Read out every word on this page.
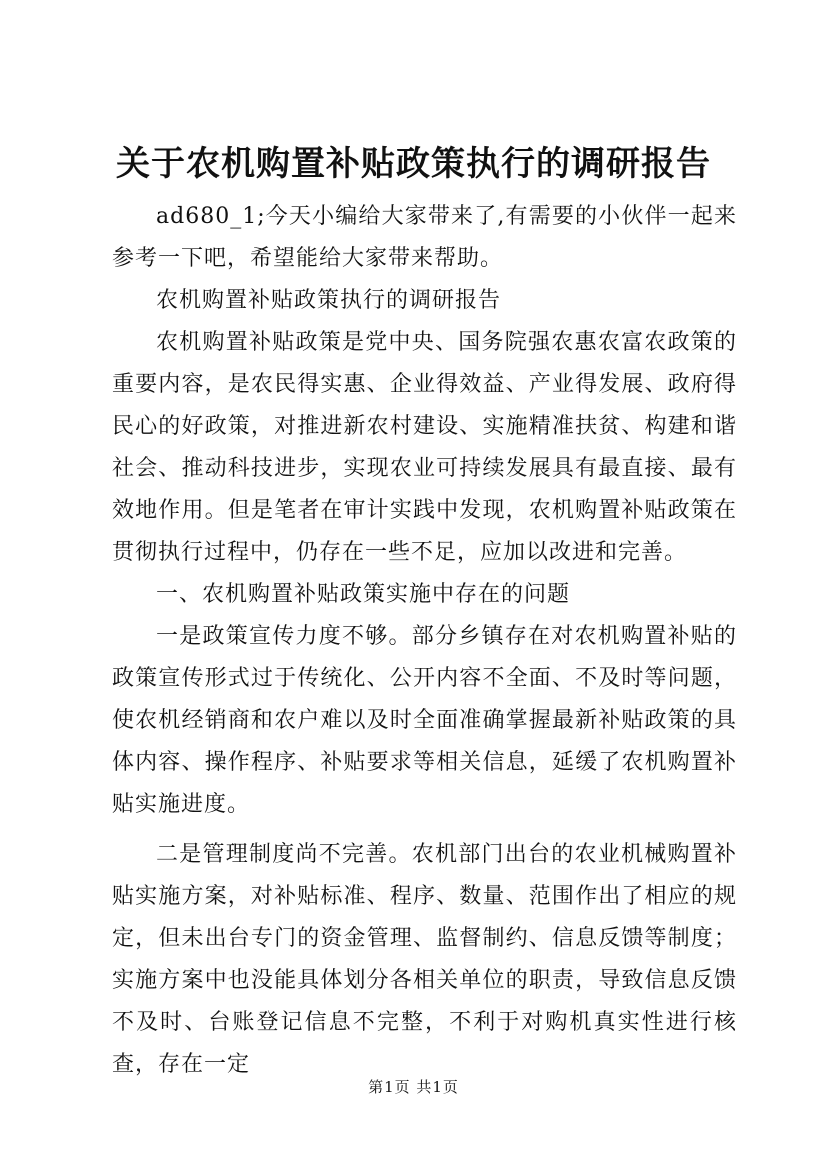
关于农机购置补贴政策执行的调研报告

ad680_1;今天小编给大家带来了,有需要的小伙伴一起来参考一下吧，希望能给大家带来帮助。

农机购置补贴政策执行的调研报告

农机购置补贴政策是党中央、国务院强农惠农富农政策的重要内容，是农民得实惠、企业得效益、产业得发展、政府得民心的好政策，对推进新农村建设、实施精准扶贫、构建和谐社会、推动科技进步，实现农业可持续发展具有最直接、最有效地作用。但是笔者在审计实践中发现，农机购置补贴政策在贯彻执行过程中，仍存在一些不足，应加以改进和完善。

一、农机购置补贴政策实施中存在的问题

一是政策宣传力度不够。部分乡镇存在对农机购置补贴的政策宣传形式过于传统化、公开内容不全面、不及时等问题，使农机经销商和农户难以及时全面准确掌握最新补贴政策的具体内容、操作程序、补贴要求等相关信息，延缓了农机购置补贴实施进度。

二是管理制度尚不完善。农机部门出台的农业机械购置补贴实施方案，对补贴标准、程序、数量、范围作出了相应的规定，但未出台专门的资金管理、监督制约、信息反馈等制度；实施方案中也没能具体划分各相关单位的职责，导致信息反馈不及时、台账登记信息不完整，不利于对购机真实性进行核查，存在一定

第1页 共1页
